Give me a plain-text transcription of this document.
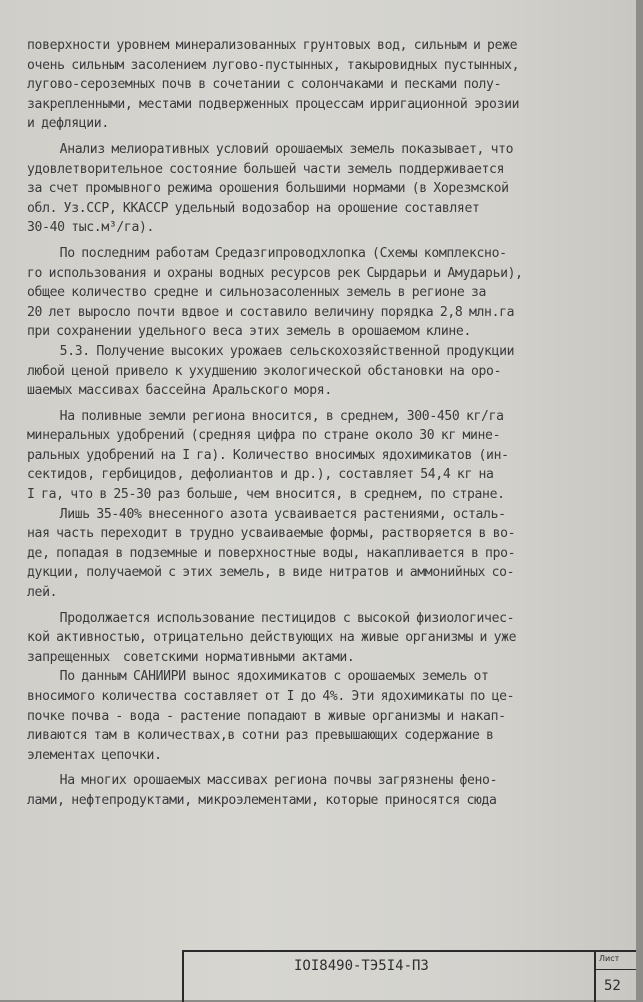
поверхности уровнем минерализованных грунтовых вод, сильным и реже
очень сильным засолением лугово-пустынных, такыровидных пустынных,
лугово-сероземных почв в сочетании с солончаками и песками полу-
закрепленными, местами подверженных процессам ирригационной эрозии
и дефляции.
Анализ мелиоративных условий орошаемых земель показывает, что
удовлетворительное состояние большей части земель поддерживается
за счет промывного режима орошения большими нормами (в Хорезмской
обл. Уз.ССР, ККАССР удельный водозабор на орошение составляет
30-40 тыс.м³/га).
По последним работам Средазгипроводхлопка (Схемы комплексно-
го использования и охраны водных ресурсов рек Сырдарьи и Амударьи),
общее количество средне и сильнозасоленных земель в регионе за
20 лет выросло почти вдвое и составило величину порядка 2,8 млн.га
при сохранении удельного веса этих земель в орошаемом клине.
5.3. Получение высоких урожаев сельскохозяйственной продукции
любой ценой привело к ухудшению экологической обстановки на оро-
шаемых массивах бассейна Аральского моря.
На поливные земли региона вносится, в среднем, 300-450 кг/га
минеральных удобрений (средняя цифра по стране около 30 кг мине-
ральных удобрений на I га). Количество вносимых ядохимикатов (ин-
сектидов, гербицидов, дефолиантов и др.), составляет 54,4 кг на
I га, что в 25-30 раз больше, чем вносится, в среднем, по стране.
Лишь 35-40% внесенного азота усваивается растениями, осталь-
ная часть переходит в трудно усваиваемые формы, растворяется в во-
де, попадая в подземные и поверхностные воды, накапливается в про-
дукции, получаемой с этих земель, в виде нитратов и аммонийных со-
лей.
Продолжается использование пестицидов с высокой физиологичес-
кой активностью, отрицательно действующих на живые организмы и уже
запрещенных  советскими нормативными актами.
По данным САНИИРИ вынос ядохимикатов с орошаемых земель от
вносимого количества составляет от I до 4%. Эти ядохимикаты по це-
почке почва - вода - растение попадают в живые организмы и накап-
ливаются там в количествах,в сотни раз превышающих содержание в
элементах цепочки.
На многих орошаемых массивах региона почвы загрязнены фено-
лами, нефтепродуктами, микроэлементами, которые приносятся сюда
IOI8490-ТЭ5I4-ПЗ	Лист
52
